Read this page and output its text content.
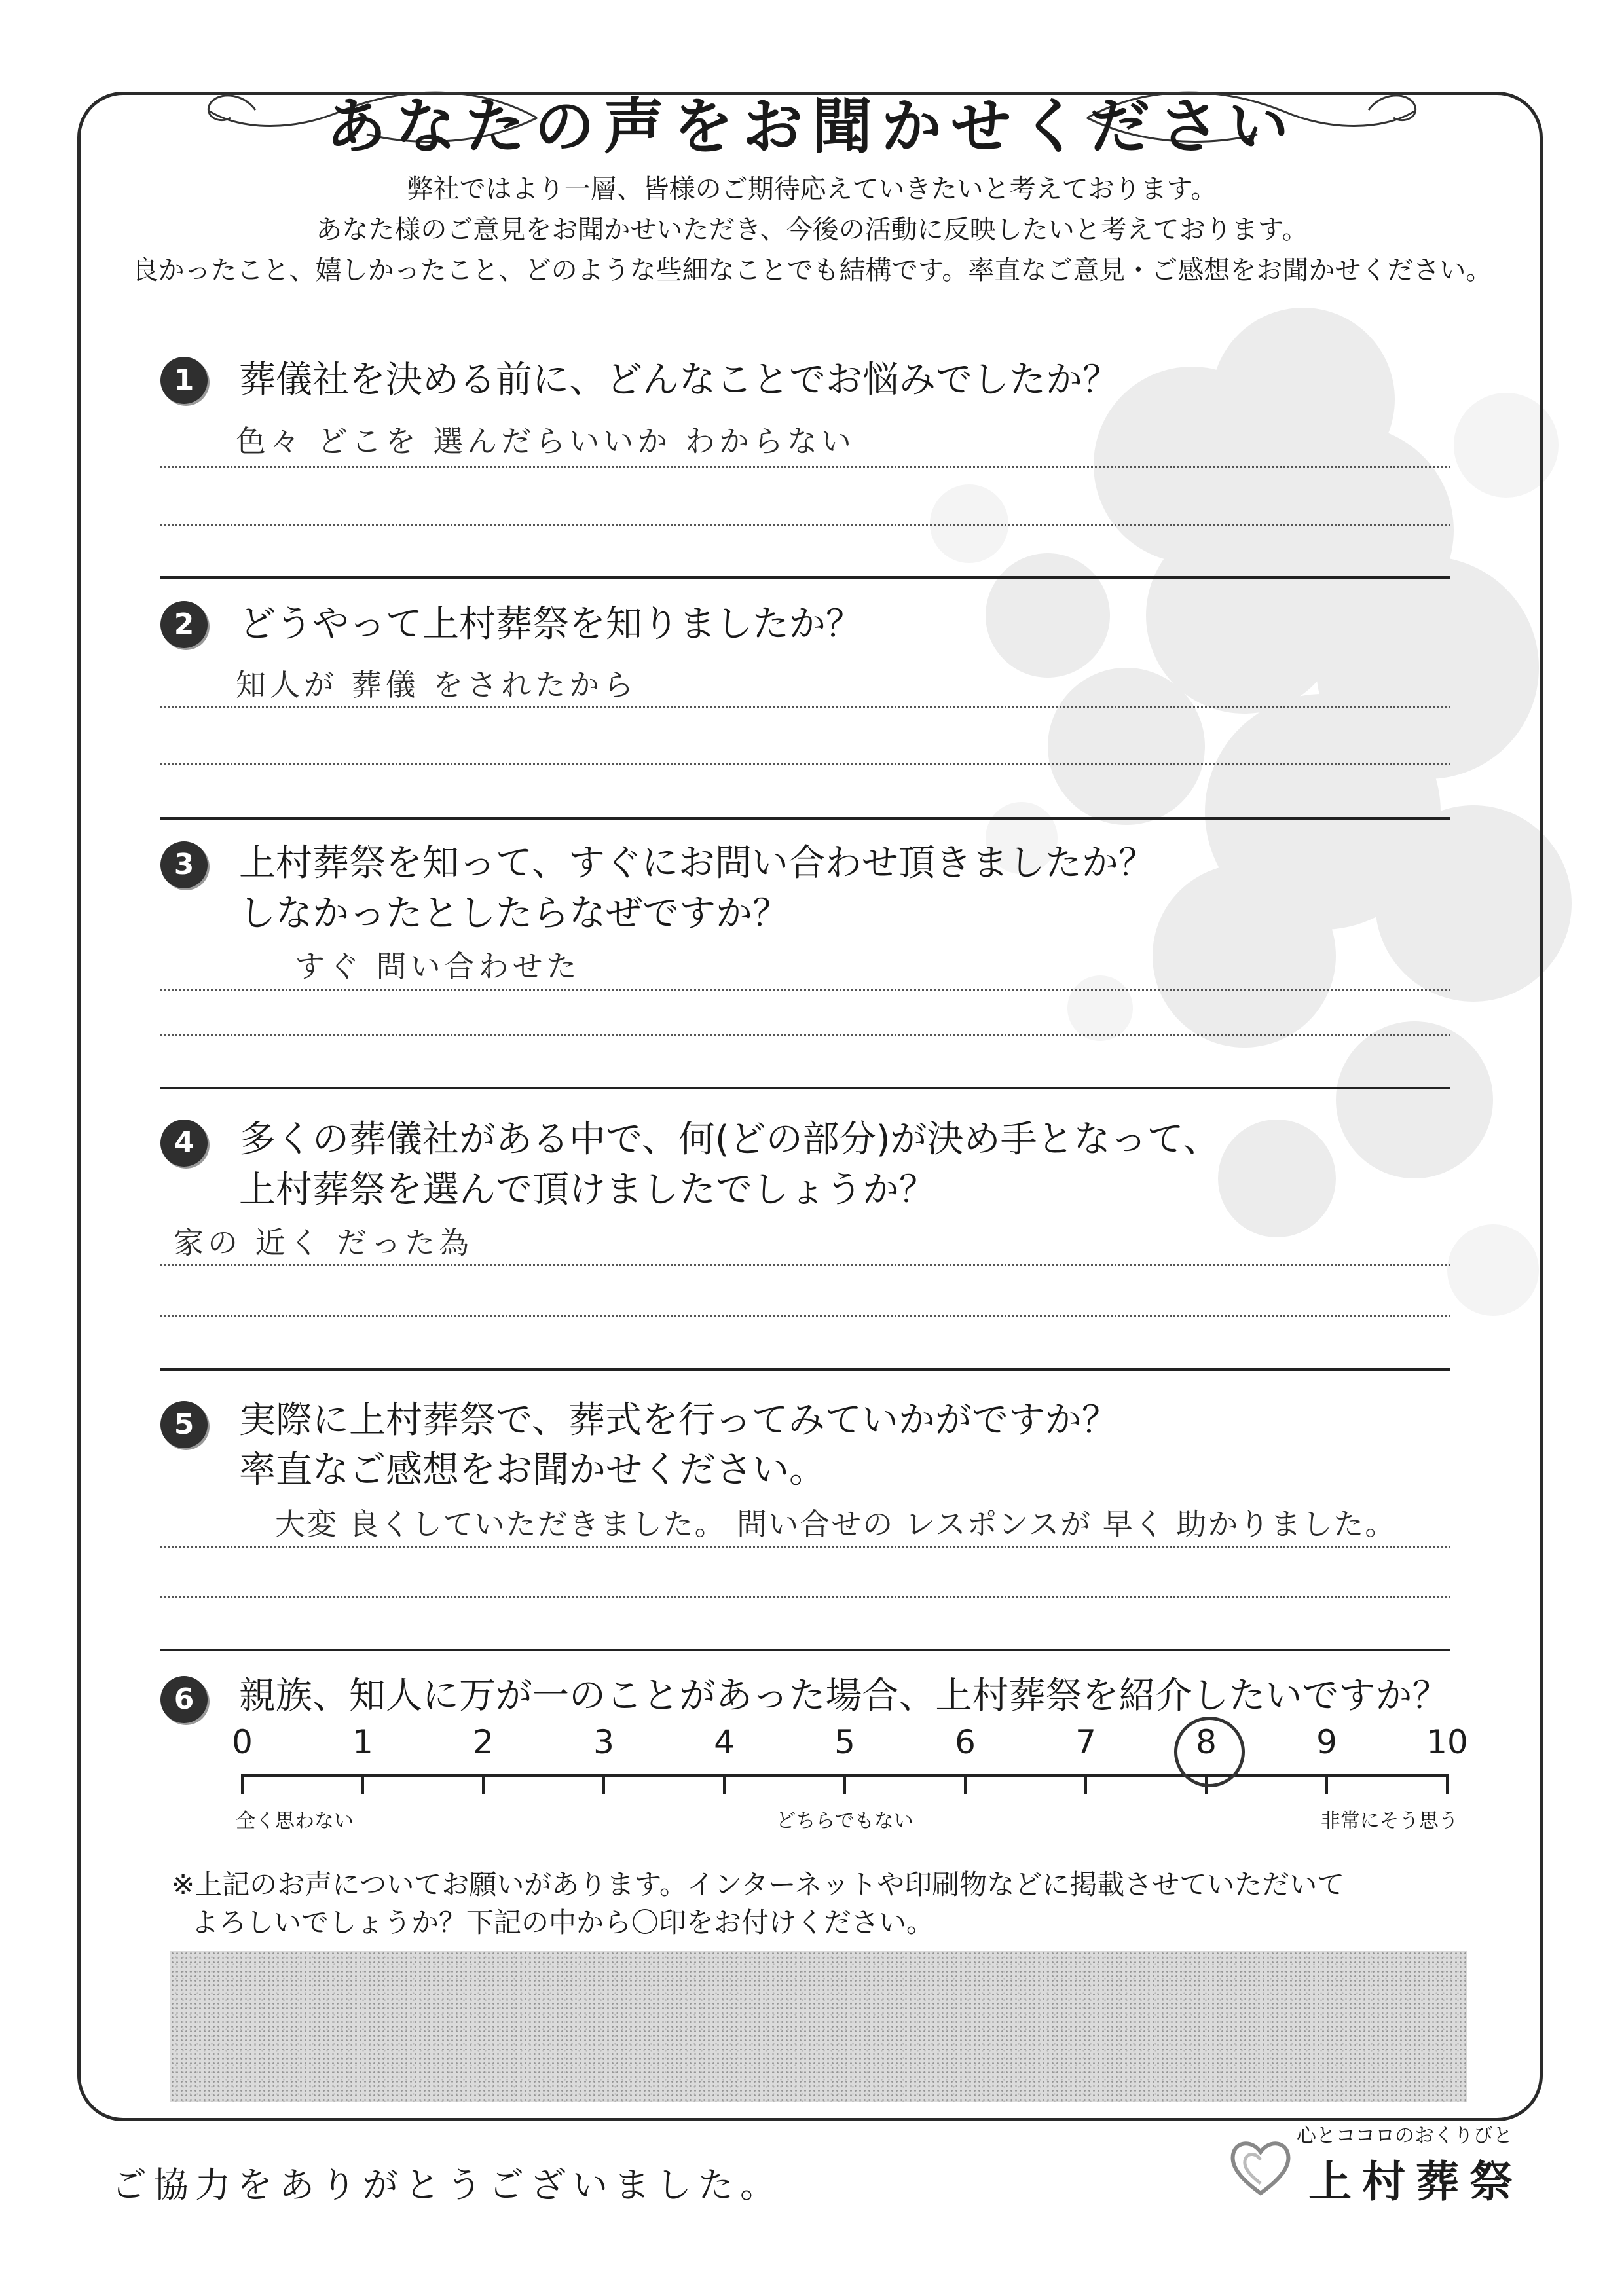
あなたの声をお聞かせください
弊社ではより一層、皆様のご期待応えていきたいと考えております。
あなた様のご意見をお聞かせいただき、今後の活動に反映したいと考えております。
良かったこと、嬉しかったこと、どのような些細なことでも結構です。率直なご意見・ご感想をお聞かせください。
1	葬儀社を決める前に、どんなことでお悩みでしたか？
色々 どこを 選んだらいいか わからない
2	どうやって上村葬祭を知りましたか？
知人が 葬儀 をされたから
3	上村葬祭を知って、すぐにお問い合わせ頂きましたか？
しなかったとしたらなぜですか？
すぐ 問い合わせた
4	多くの葬儀社がある中で、何(どの部分)が決め手となって、
上村葬祭を選んで頂けましたでしょうか？
家の 近く だった為
5	実際に上村葬祭で、葬式を行ってみていかがですか？
率直なご感想をお聞かせください。
大変 良くしていただきました。 問い合せの レスポンスが 早く 助かりました。
6	親族、知人に万が一のことがあった場合、上村葬祭を紹介したいですか？
0	1	2	3	4	5	6	7	8	9	10
全く思わない	どちらでもない	非常にそう思う
※上記のお声についてお願いがあります。インターネットや印刷物などに掲載させていただいて
よろしいでしょうか？下記の中から〇印をお付けください。
ご協力をありがとうございました。
心とココロのおくりびと
上村葬祭
